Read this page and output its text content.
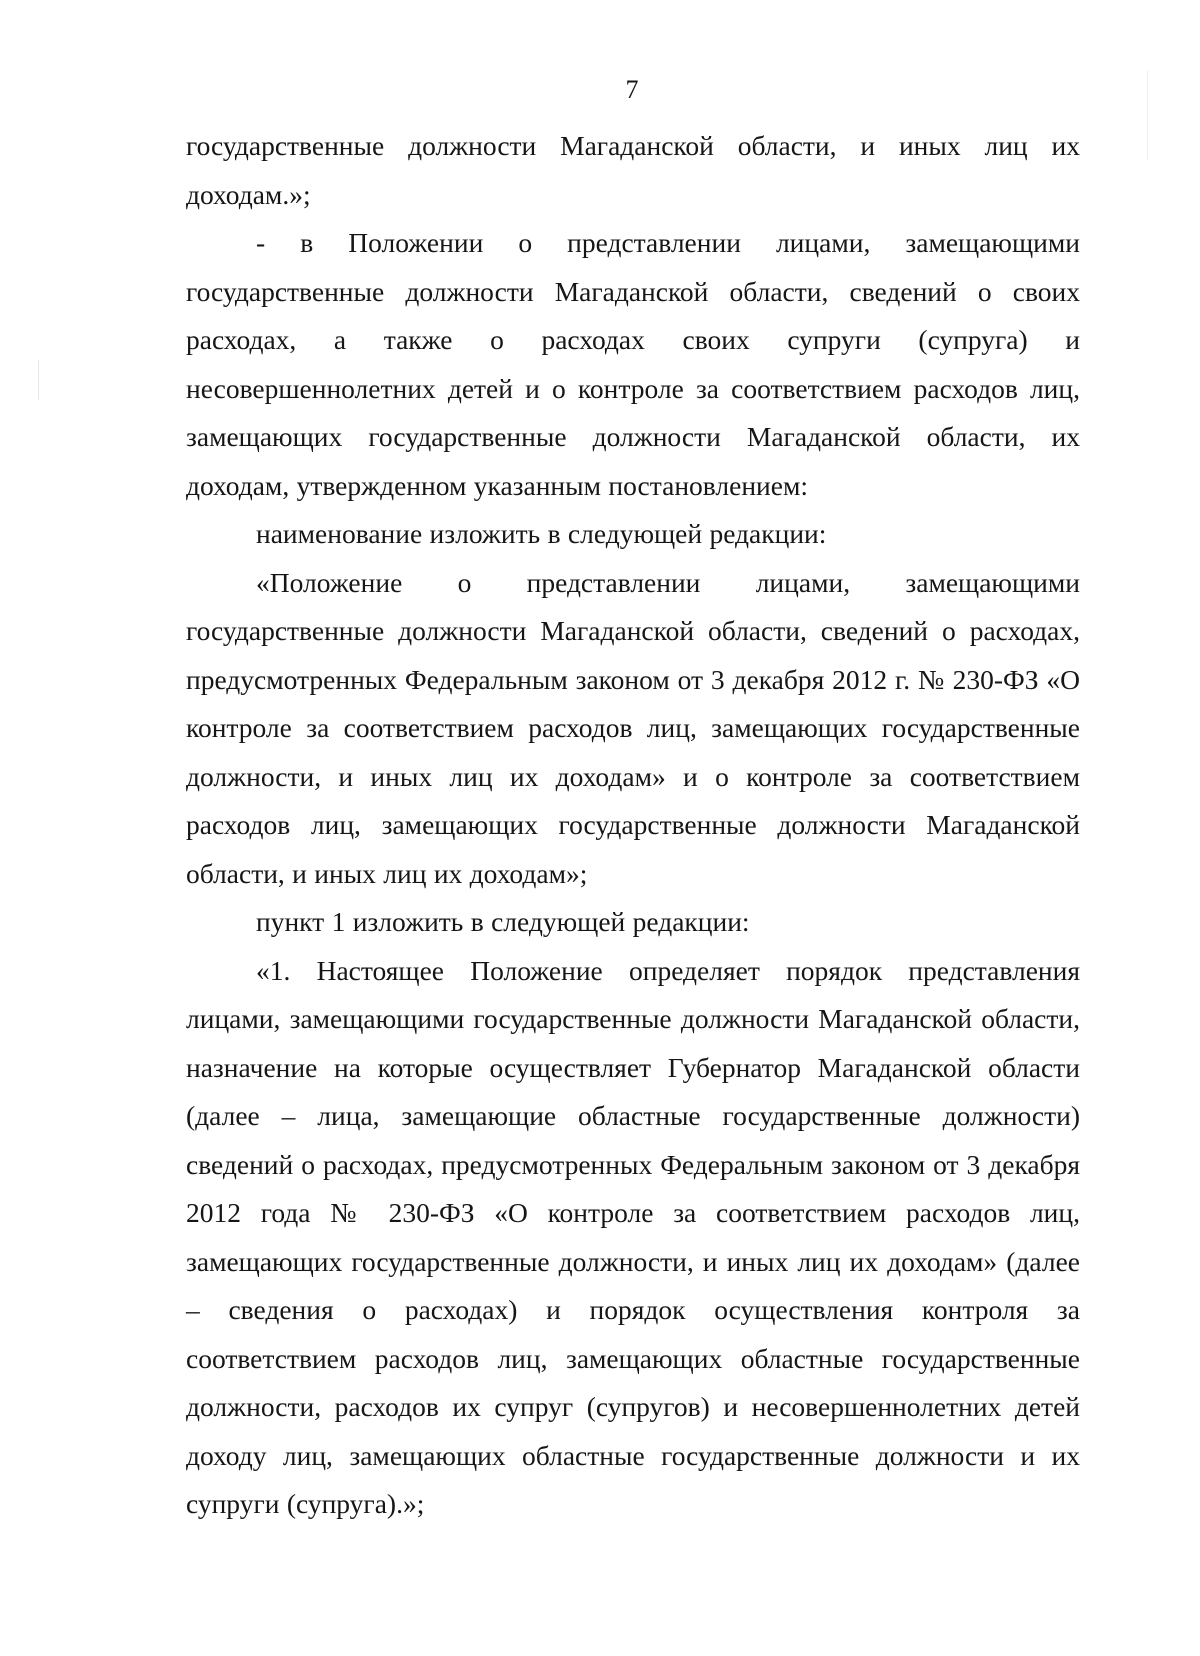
7

государственные должности Магаданской области, и иных лиц их доходам.»;

- в Положении о представлении лицами, замещающими государственные должности Магаданской области, сведений о своих расходах, а также о расходах своих супруги (супруга) и несовершеннолетних детей и о контроле за соответствием расходов лиц, замещающих государственные должности Магаданской области, их доходам, утвержденном указанным постановлением:

наименование изложить в следующей редакции:

«Положение о представлении лицами, замещающими государственные должности Магаданской области, сведений о расходах, предусмотренных Федеральным законом от 3 декабря 2012 г. № 230-ФЗ «О контроле за соответствием расходов лиц, замещающих государственные должности, и иных лиц их доходам» и о контроле за соответствием расходов лиц, замещающих государственные должности Магаданской области, и иных лиц их доходам»;

пункт 1 изложить в следующей редакции:

«1. Настоящее Положение определяет порядок представления лицами, замещающими государственные должности Магаданской области, назначение на которые осуществляет Губернатор Магаданской области (далее – лица, замещающие областные государственные должности) сведений о расходах, предусмотренных Федеральным законом от 3 декабря 2012 года № 230-ФЗ «О контроле за соответствием расходов лиц, замещающих государственные должности, и иных лиц их доходам» (далее – сведения о расходах) и порядок осуществления контроля за соответствием расходов лиц, замещающих областные государственные должности, расходов их супруг (супругов) и несовершеннолетних детей доходу лиц, замещающих областные государственные должности и их супруги (супруга).»;
